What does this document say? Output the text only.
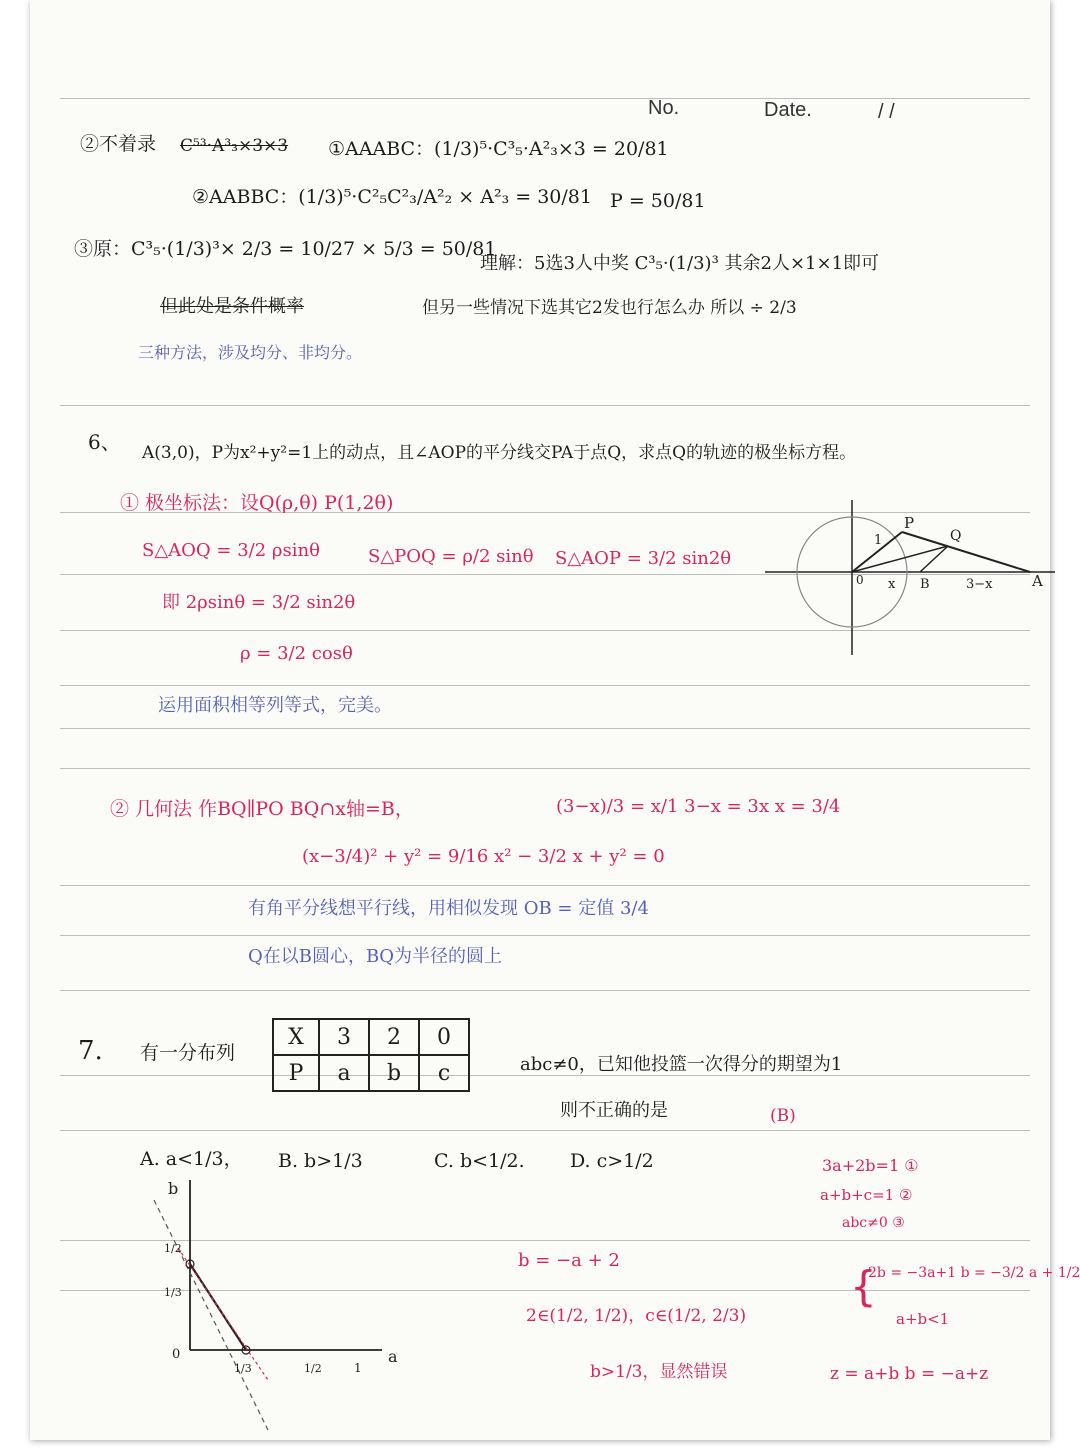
No.	Date.	/ /
②不着录 C⁵³·A³₃×3×3 ①AAABC：(1/3)⁵·C³₅·A²₃×3 = 20/81
②AABBC：(1/3)⁵·C²₅C²₃/A²₂ × A²₃ = 30/81 P = 50/81
③原：C³₅·(1/3)³× 2/3 = 10/27 × 5/3 = 50/81
理解：5选3人中奖 C³₅·(1/3)³ 其余2人×1×1即可
但此处是条件概率	但另一些情况下选其它2发也行怎么办 所以 ÷ 2/3
三种方法，涉及均分、非均分。
6、 A(3,0)，P为x²+y²=1上的动点，且∠AOP的平分线交PA于点Q，求点Q的轨迹的极坐标方程。
① 极坐标法：设Q(ρ,θ) P(1,2θ)
S△AOQ = 3/2 ρsinθ	S△POQ = ρ/2 sinθ S△AOP = 3/2 sin2θ
即 2ρsinθ = 3/2 sin2θ
ρ = 3/2 cosθ
运用面积相等列等式，完美。
② 几何法 作BQ∥PO BQ∩x轴=B，	(3−x)/3 = x/1 3−x = 3x x = 3/4
(x−3/4)² + y² = 9/16 x² − 3/2 x + y² = 0
有角平分线想平行线，用相似发现 OB = 定值 3/4
Q在以B圆心，BQ为半径的圆上
P
Q
A
0	B
1
x	3−x
7. 有一分布列
X	3	2	0
P	a	b	c	abc≠0，已知他投篮一次得分的期望为1
则不正确的是	(B)
A. a<1/3， B. b>1/3	C. b<1/2. D. c>1/2	3a+2b=1 ①
a+b+c=1 ②
abc≠0 ③
b = −a + 2
2∈(1/2, 1/2)，c∈(1/2, 2/3)
b>1/3，显然错误
{
2b = −3a+1 b = −3/2 a + 1/2
a+b<1
z = a+b b = −a+z
b
a
0
1/2
1/3
1/3	1/2	1
